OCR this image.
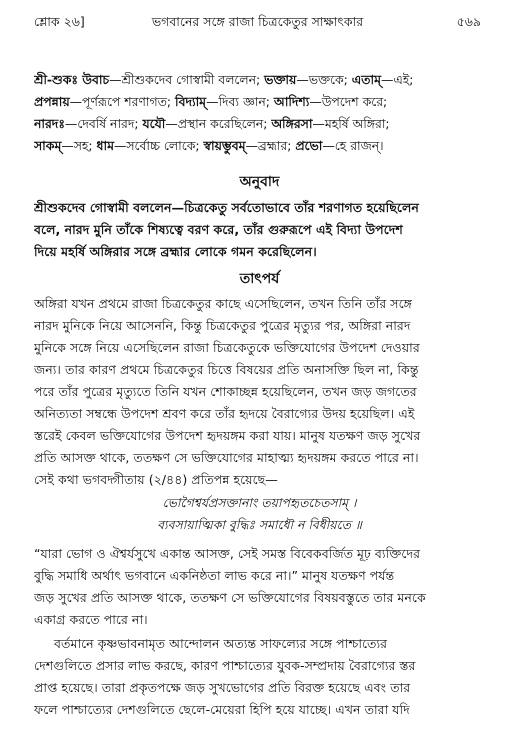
শ্লোক ২৬]	ভগবানের সঙ্গে রাজা চিত্রকেতুর সাক্ষাৎকার	৫৬৯
শ্রী-শুকঃ উবাচ—শ্রীশুকদেব গোস্বামী বললেন; ভক্তায়—ভক্তকে; এতাম্—এই;
প্রপন্নায়—পূর্ণরূপে শরণাগত; বিদ্যাম্—দিব্য জ্ঞান; আদিশ্য—উপদেশ করে;
নারদঃ—দেবর্ষি নারদ; যযৌ—প্রস্থান করেছিলেন; অঙ্গিরসা—মহর্ষি অঙ্গিরা;
সাকম্—সহ; ধাম—সর্বোচ্চ লোকে; স্বায়ম্ভুবম্—ব্রহ্মার; প্রভো—হে রাজন্।
অনুবাদ
শ্রীশুকদেব গোস্বামী বললেন—চিত্রকেতু সর্বতোভাবে তাঁর শরণাগত হয়েছিলেন
বলে, নারদ মুনি তাঁকে শিষ্যত্বে বরণ করে, তাঁর গুরুরূপে এই বিদ্যা উপদেশ
দিয়ে মহর্ষি অঙ্গিরার সঙ্গে ব্রহ্মার লোকে গমন করেছিলেন।
তাৎপর্য
অঙ্গিরা যখন প্রথমে রাজা চিত্রকেতুর কাছে এসেছিলেন, তখন তিনি তাঁর সঙ্গে
নারদ মুনিকে নিয়ে আসেননি, কিন্তু চিত্রকেতুর পুত্রের মৃত্যুর পর, অঙ্গিরা নারদ
মুনিকে সঙ্গে নিয়ে এসেছিলেন রাজা চিত্রকেতুকে ভক্তিযোগের উপদেশ দেওয়ার
জন্য। তার কারণ প্রথমে চিত্রকেতুর চিত্তে বিষয়ের প্রতি অনাসক্তি ছিল না, কিন্তু
পরে তাঁর পুত্রের মৃত্যুতে তিনি যখন শোকাচ্ছন্ন হয়েছিলেন, তখন জড় জগতের
অনিত্যতা সম্বন্ধে উপদেশ শ্রবণ করে তাঁর হৃদয়ে বৈরাগ্যের উদয় হয়েছিল। এই
স্তরেই কেবল ভক্তিযোগের উপদেশ হৃদয়ঙ্গম করা যায়। মানুষ যতক্ষণ জড় সুখের
প্রতি আসক্ত থাকে, ততক্ষণ সে ভক্তিযোগের মাহাত্ম্য হৃদয়ঙ্গম করতে পারে না।
সেই কথা ভগবদ্গীতায় (২/৪৪) প্রতিপন্ন হয়েছে—
ভোগৈশ্বর্যপ্রসক্তানাং তয়াপহৃতচেতসাম্ ।
ব্যবসায়াত্মিকা বুদ্ধিঃ সমাধৌ ন বিধীয়তে ॥
“যারা ভোগ ও ঐশ্বর্যসুখে একান্ত আসক্ত, সেই সমস্ত বিবেকবর্জিত মূঢ় ব্যক্তিদের
বুদ্ধি সমাধি অর্থাৎ ভগবানে একনিষ্ঠতা লাভ করে না।” মানুষ যতক্ষণ পর্যন্ত
জড় সুখের প্রতি আসক্ত থাকে, ততক্ষণ সে ভক্তিযোগের বিষয়বস্তুতে তার মনকে
একাগ্র করতে পারে না।
বর্তমানে কৃষ্ণভাবনামৃত আন্দোলন অত্যন্ত সাফল্যের সঙ্গে পাশ্চাত্যের
দেশগুলিতে প্রসার লাভ করছে, কারণ পাশ্চাত্যের যুবক-সম্প্রদায় বৈরাগ্যের স্তর
প্রাপ্ত হয়েছে। তারা প্রকৃতপক্ষে জড় সুখভোগের প্রতি বিরক্ত হয়েছে এবং তার
ফলে পাশ্চাত্যের দেশগুলিতে ছেলে-মেয়েরা হিপি হয়ে যাচ্ছে। এখন তারা যদি
